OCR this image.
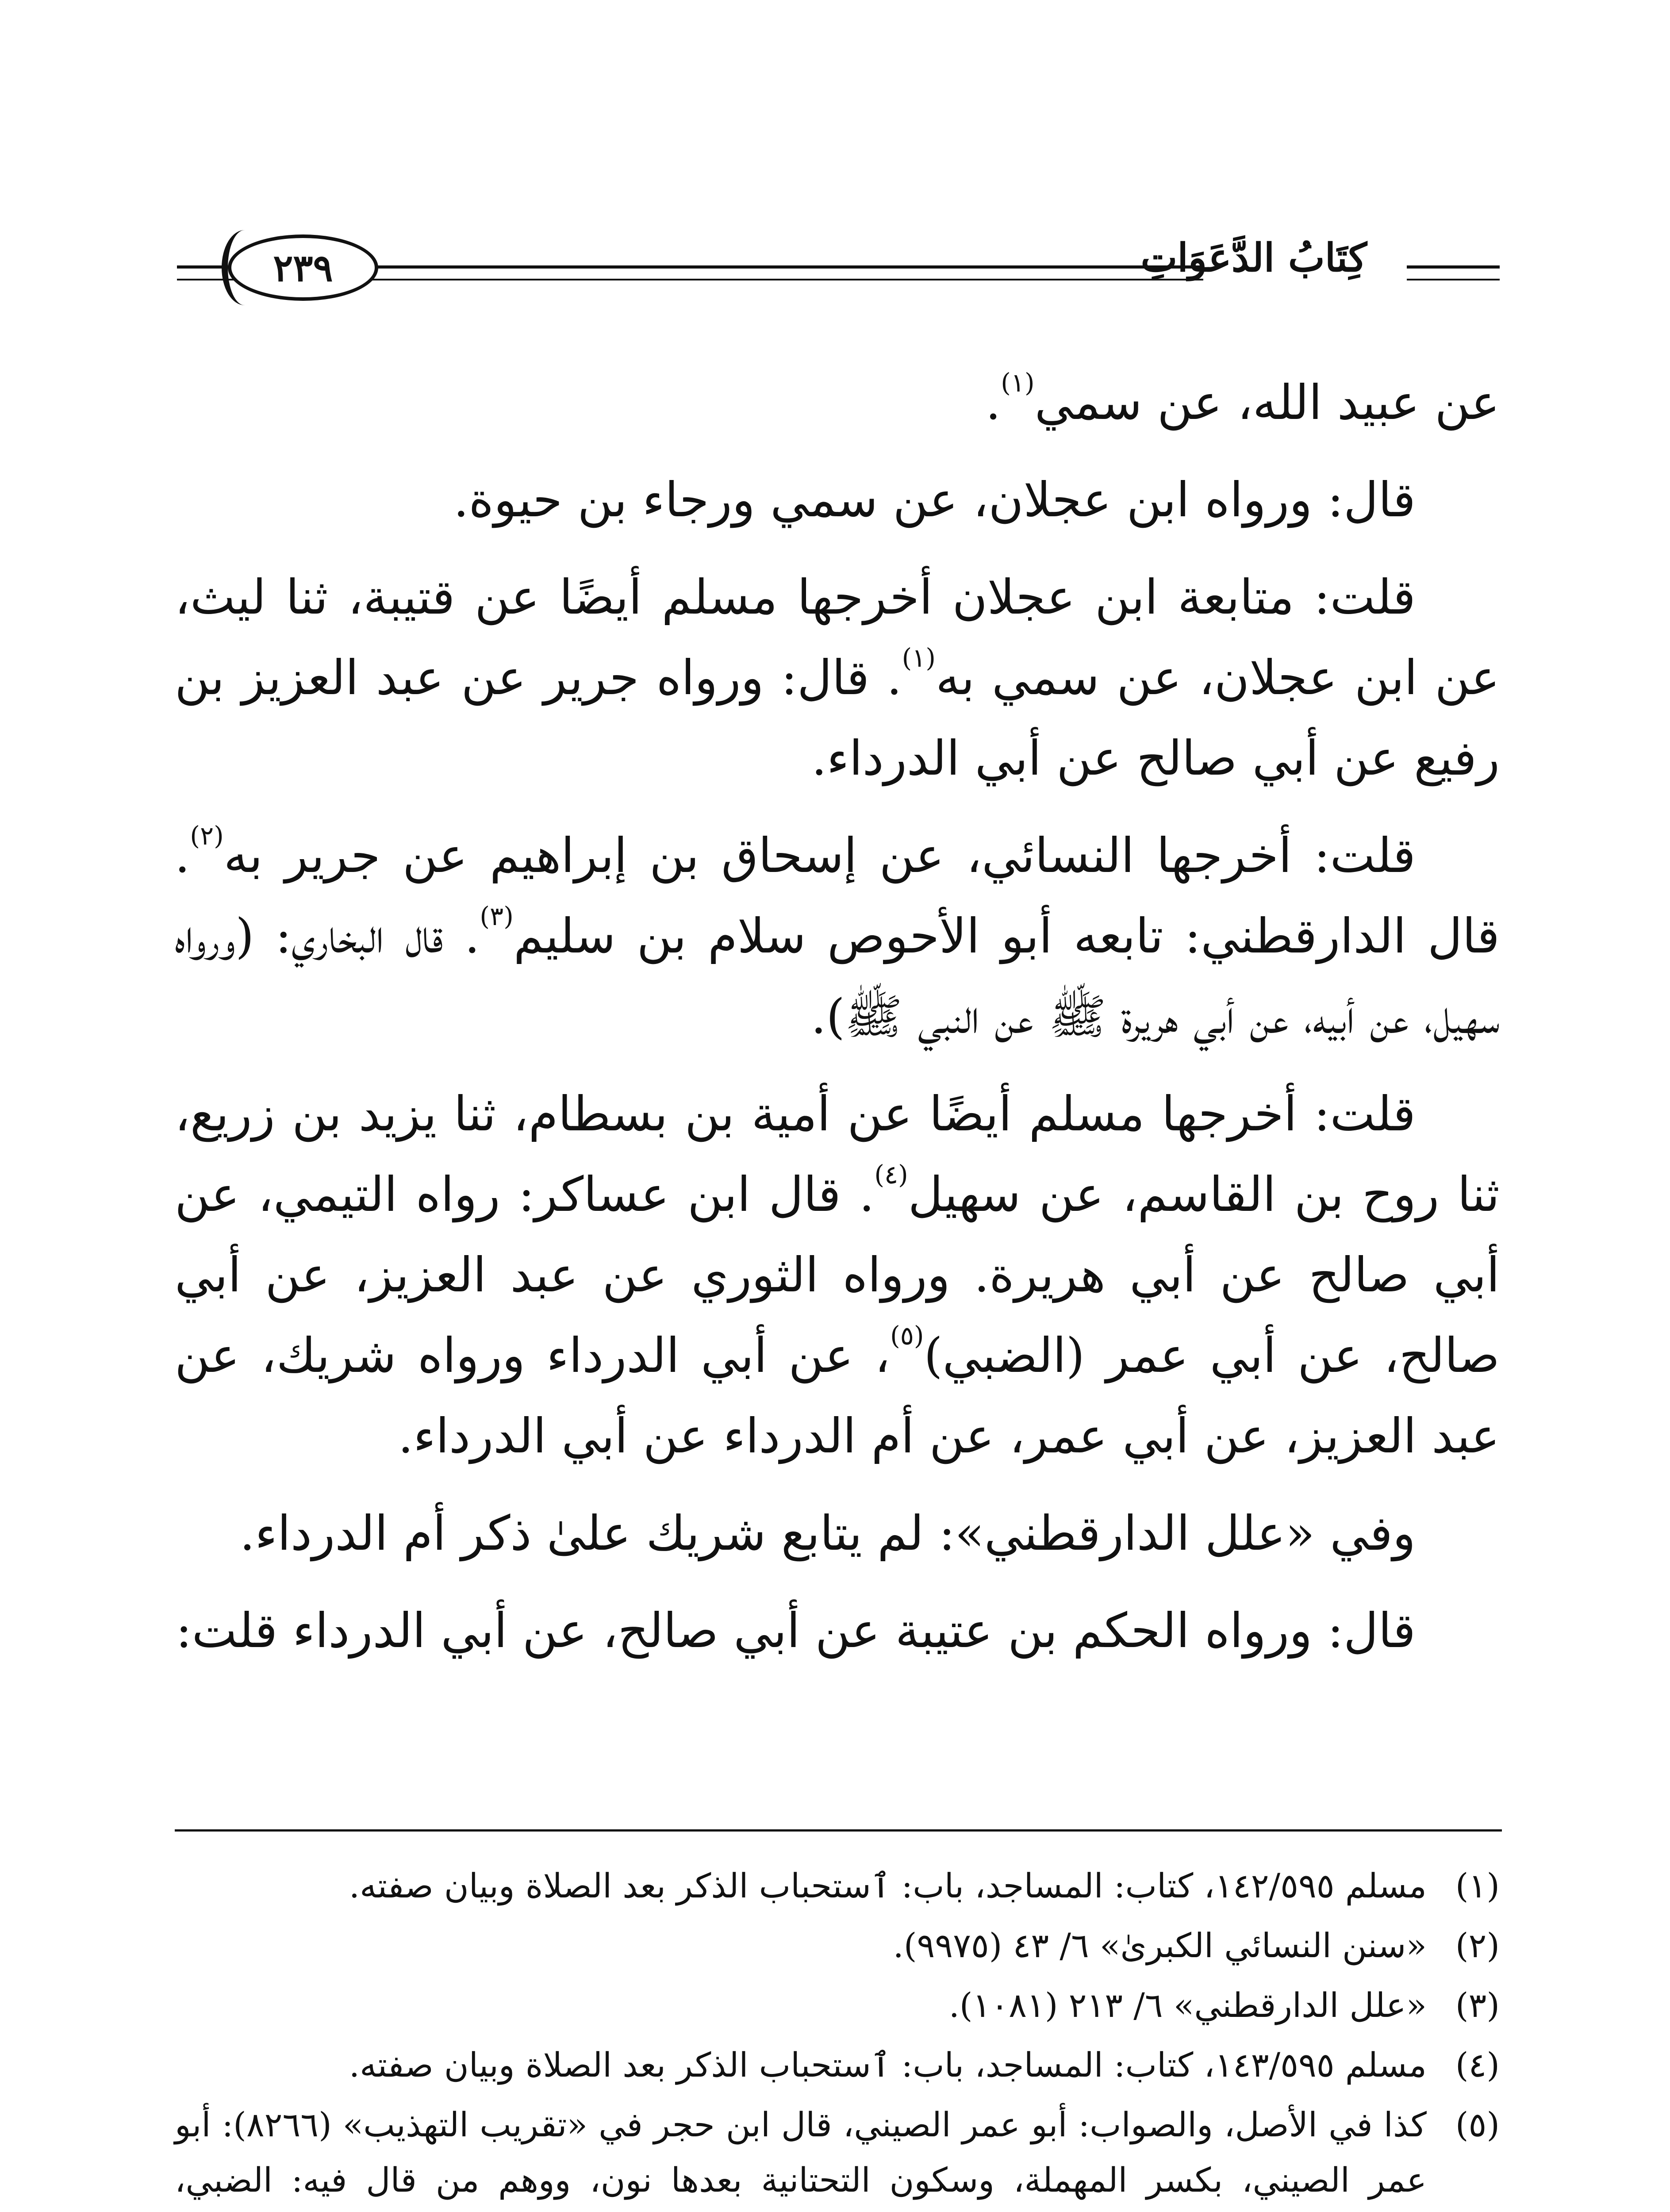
٢٣٩	كِتَابُ الدَّعَوَاتِ

عن عبيد الله، عن سمي$^{(١)}$.

قال: ورواه ابن عجلان، عن سمي ورجاء بن حيوة.

قلت: متابعة ابن عجلان أخرجها مسلم أيضًا عن قتيبة، ثنا ليث، عن ابن عجلان، عن سمي به$^{(١)}$. قال: ورواه جرير عن عبد العزيز بن رفيع عن أبي صالح عن أبي الدرداء.

قلت: أخرجها النسائي، عن إسحاق بن إبراهيم عن جرير به$^{(٢)}$. قال الدارقطني: تابعه أبو الأحوص سلام بن سليم$^{(٣)}$. قال البخاري: (ورواه سهيل، عن أبيه، عن أبي هريرة ﷺ عن النبي ﷺ).

قلت: أخرجها مسلم أيضًا عن أمية بن بسطام، ثنا يزيد بن زريع، ثنا روح بن القاسم، عن سهيل$^{(٤)}$. قال ابن عساكر: رواه التيمي، عن أبي صالح عن أبي هريرة. ورواه الثوري عن عبد العزيز، عن أبي صالح، عن أبي عمر (الضبي)$^{(٥)}$، عن أبي الدرداء ورواه شريك، عن عبد العزيز، عن أبي عمر، عن أم الدرداء عن أبي الدرداء.

وفي «علل الدارقطني»: لم يتابع شريك علىٰ ذكر أم الدرداء.

قال: ورواه الحكم بن عتيبة عن أبي صالح، عن أبي الدرداء قلت:

(١)
مسلم ١٤٢/٥٩٥، كتاب: المساجد، باب: ٱستحباب الذكر بعد الصلاة وبيان صفته.
(٢)
«سنن النسائي الكبرىٰ» ٦/ ٤٣ (٩٩٧٥).
(٣)
«علل الدارقطني» ٦/ ٢١٣ (١٠٨١).
(٤)
مسلم ١٤٣/٥٩٥، كتاب: المساجد، باب: ٱستحباب الذكر بعد الصلاة وبيان صفته.
(٥)
كذا في الأصل، والصواب: أبو عمر الصيني، قال ابن حجر في «تقريب التهذيب» (٨٢٦٦): أبو عمر الصيني، بكسر المهملة، وسكون التحتانية بعدها نون، ووهم من قال فيه: الضبي،
